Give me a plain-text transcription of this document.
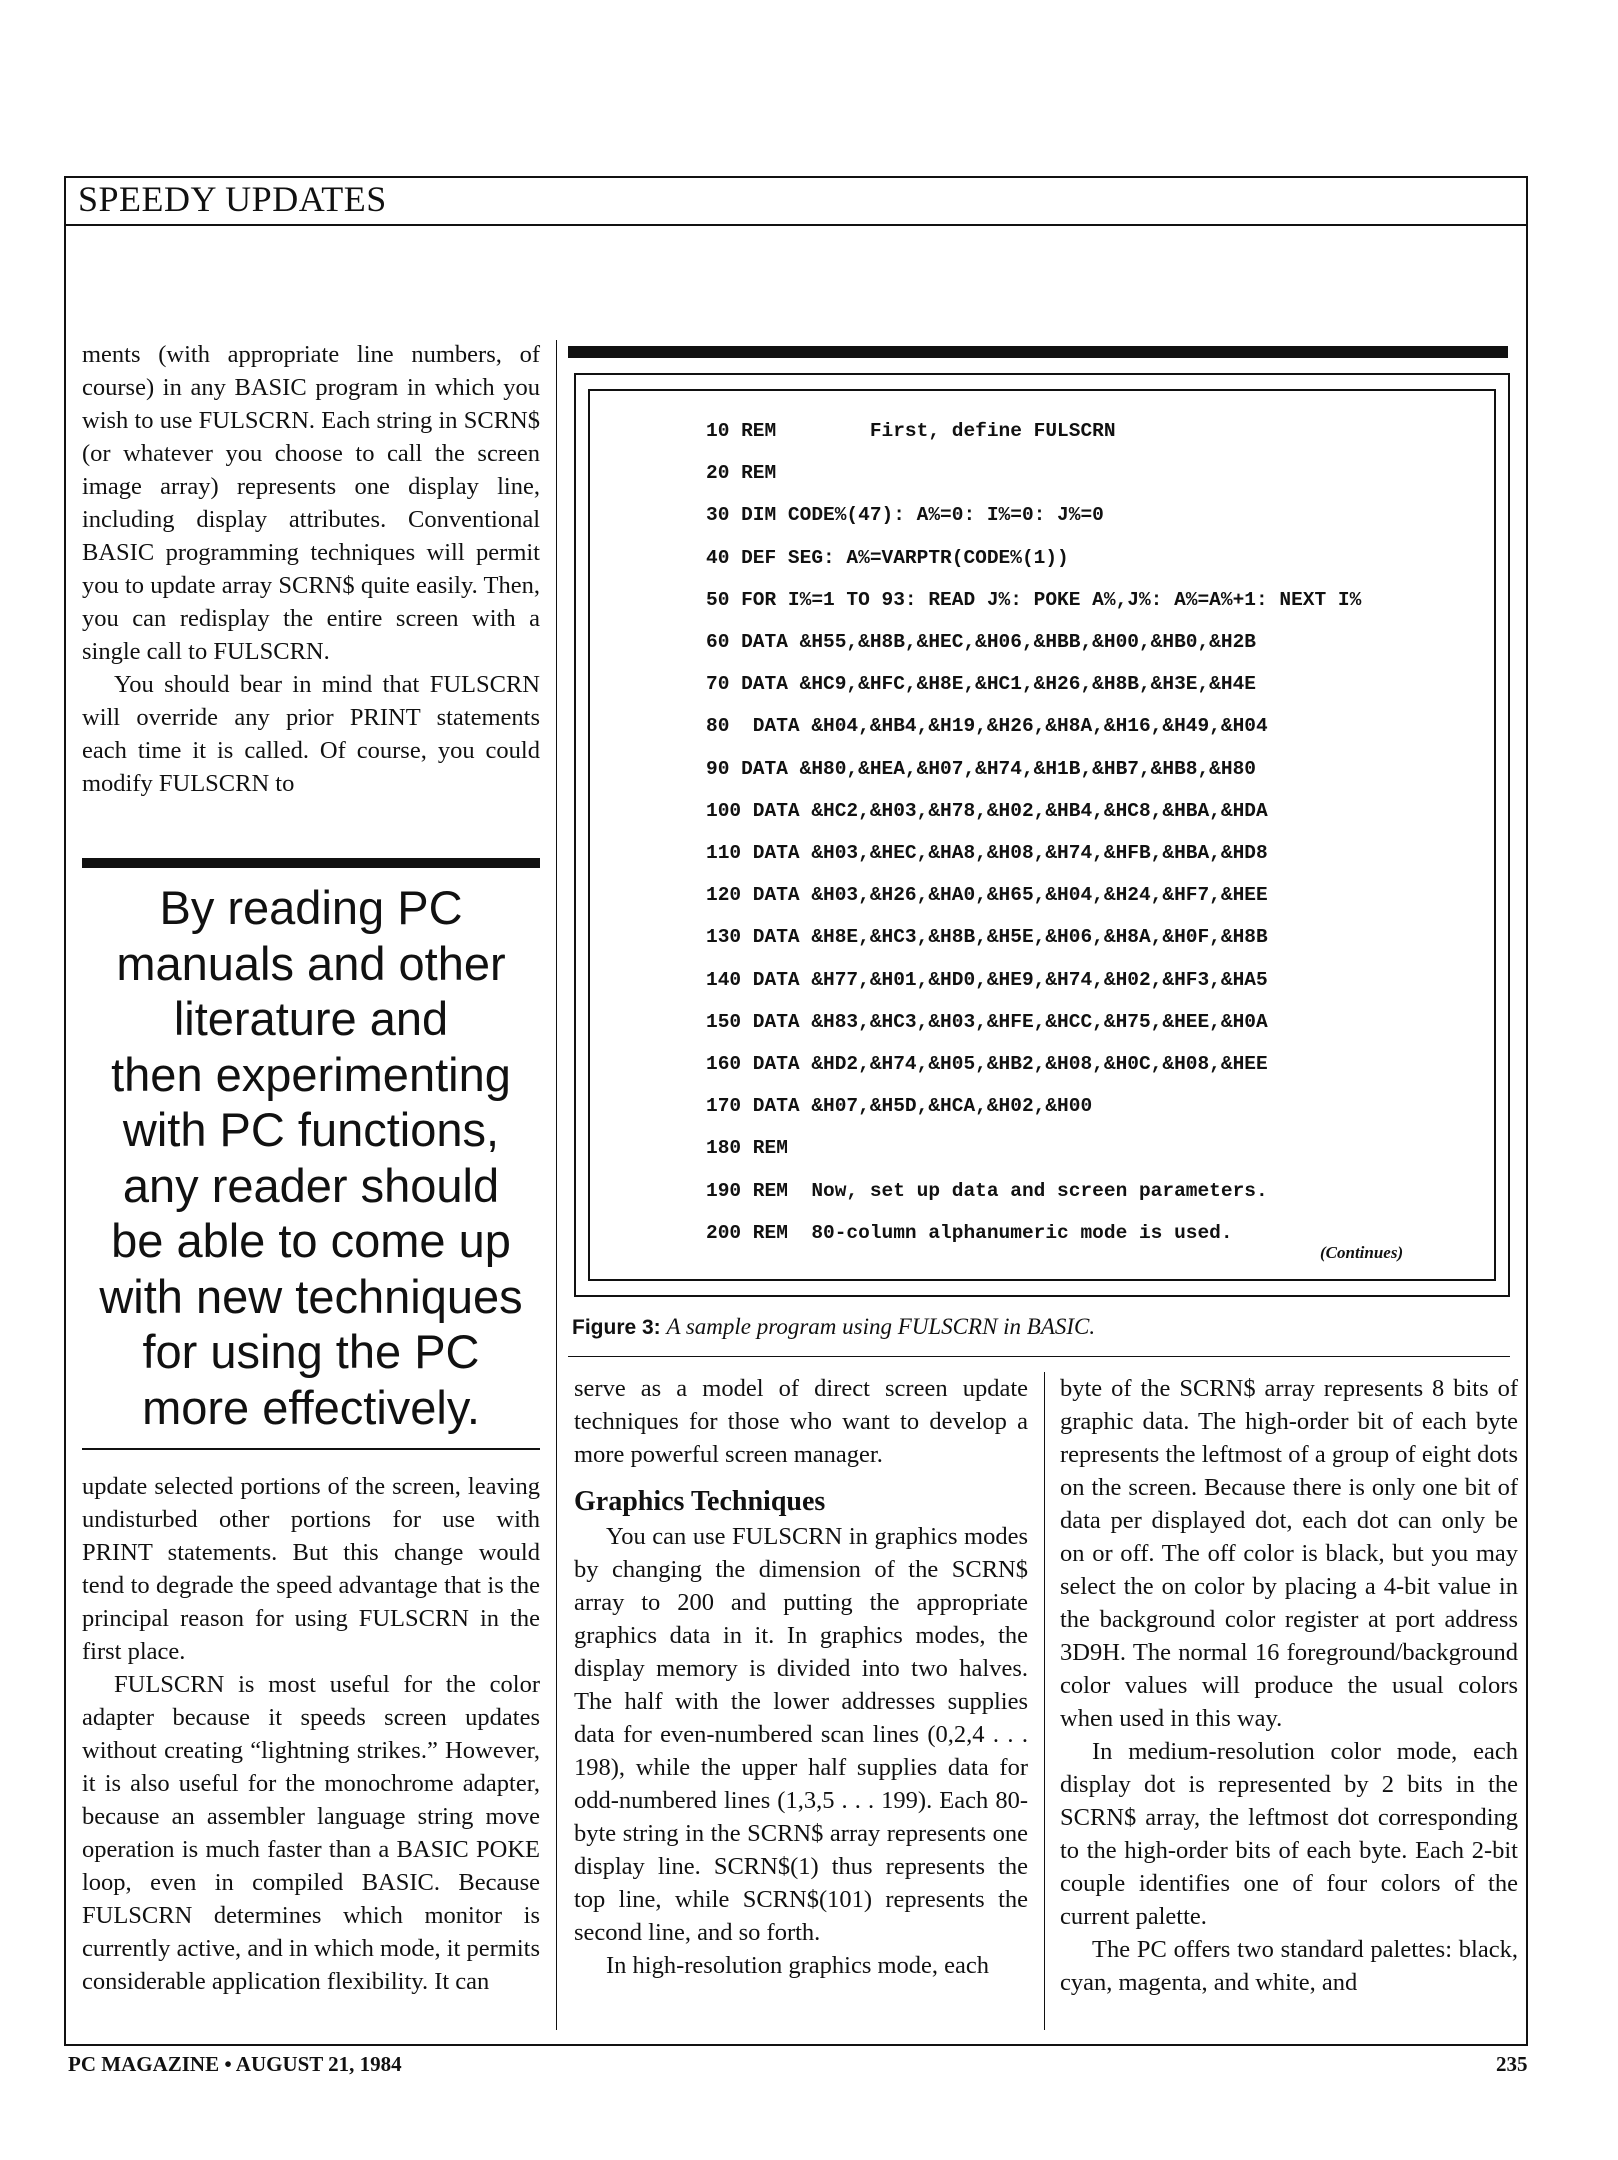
SPEEDY UPDATES

ments (with appropriate line numbers, of course) in any BASIC program in which you wish to use FULSCRN. Each string in SCRN$ (or whatever you choose to call the screen image array) represents one display line, including display attributes. Conventional BASIC programming techniques will permit you to update array SCRN$ quite easily. Then, you can redisplay the entire screen with a single call to FULSCRN.

You should bear in mind that FULSCRN will override any prior PRINT statements each time it is called. Of course, you could modify FULSCRN to

By reading PC
manuals and other
literature and
then experimenting
with PC functions,
any reader should
be able to come up
with new techniques
for using the PC
more effectively.

update selected portions of the screen, leaving undisturbed other portions for use with PRINT statements. But this change would tend to degrade the speed advantage that is the principal reason for using FULSCRN in the first place.

FULSCRN is most useful for the color adapter because it speeds screen updates without creating “lightning strikes.” However, it is also useful for the monochrome adapter, because an assembler language string move operation is much faster than a BASIC POKE loop, even in compiled BASIC. Because FULSCRN determines which monitor is currently active, and in which mode, it permits considerable application flexibility. It can

10 REM        First, define FULSCRN
20 REM
30 DIM CODE%(47): A%=0: I%=0: J%=0
40 DEF SEG: A%=VARPTR(CODE%(1))
50 FOR I%=1 TO 93: READ J%: POKE A%,J%: A%=A%+1: NEXT I%
60 DATA &H55,&H8B,&HEC,&H06,&HBB,&H00,&HB0,&H2B
70 DATA &HC9,&HFC,&H8E,&HC1,&H26,&H8B,&H3E,&H4E
80  DATA &H04,&HB4,&H19,&H26,&H8A,&H16,&H49,&H04
90 DATA &H80,&HEA,&H07,&H74,&H1B,&HB7,&HB8,&H80
100 DATA &HC2,&H03,&H78,&H02,&HB4,&HC8,&HBA,&HDA
110 DATA &H03,&HEC,&HA8,&H08,&H74,&HFB,&HBA,&HD8
120 DATA &H03,&H26,&HA0,&H65,&H04,&H24,&HF7,&HEE
130 DATA &H8E,&HC3,&H8B,&H5E,&H06,&H8A,&H0F,&H8B
140 DATA &H77,&H01,&HD0,&HE9,&H74,&H02,&HF3,&HA5
150 DATA &H83,&HC3,&H03,&HFE,&HCC,&H75,&HEE,&H0A
160 DATA &HD2,&H74,&H05,&HB2,&H08,&H0C,&H08,&HEE
170 DATA &H07,&H5D,&HCA,&H02,&H00
180 REM
190 REM  Now, set up data and screen parameters.
200 REM  80-column alphanumeric mode is used.
(Continues)
Figure 3: A sample program using FULSCRN in BASIC.

serve as a model of direct screen update techniques for those who want to develop a more powerful screen manager.

Graphics Techniques

You can use FULSCRN in graphics modes by changing the dimension of the SCRN$ array to 200 and putting the appropriate graphics data in it. In graphics modes, the display memory is divided into two halves. The half with the lower addresses supplies data for even-numbered scan lines (0,2,4 . . . 198), while the upper half supplies data for odd-numbered lines (1,3,5 . . . 199). Each 80-byte string in the SCRN$ array represents one display line. SCRN$(1) thus represents the top line, while SCRN$(101) represents the second line, and so forth.

In high-resolution graphics mode, each

byte of the SCRN$ array represents 8 bits of graphic data. The high-order bit of each byte represents the leftmost of a group of eight dots on the screen. Because there is only one bit of data per displayed dot, each dot can only be on or off. The off color is black, but you may select the on color by placing a 4-bit value in the background color register at port address 3D9H. The normal 16 foreground/background color values will produce the usual colors when used in this way.

In medium-resolution color mode, each display dot is represented by 2 bits in the SCRN$ array, the leftmost dot corresponding to the high-order bits of each byte. Each 2-bit couple identifies one of four colors of the current palette.

The PC offers two standard palettes: black, cyan, magenta, and white, and

PC MAGAZINE • AUGUST 21, 1984	235
